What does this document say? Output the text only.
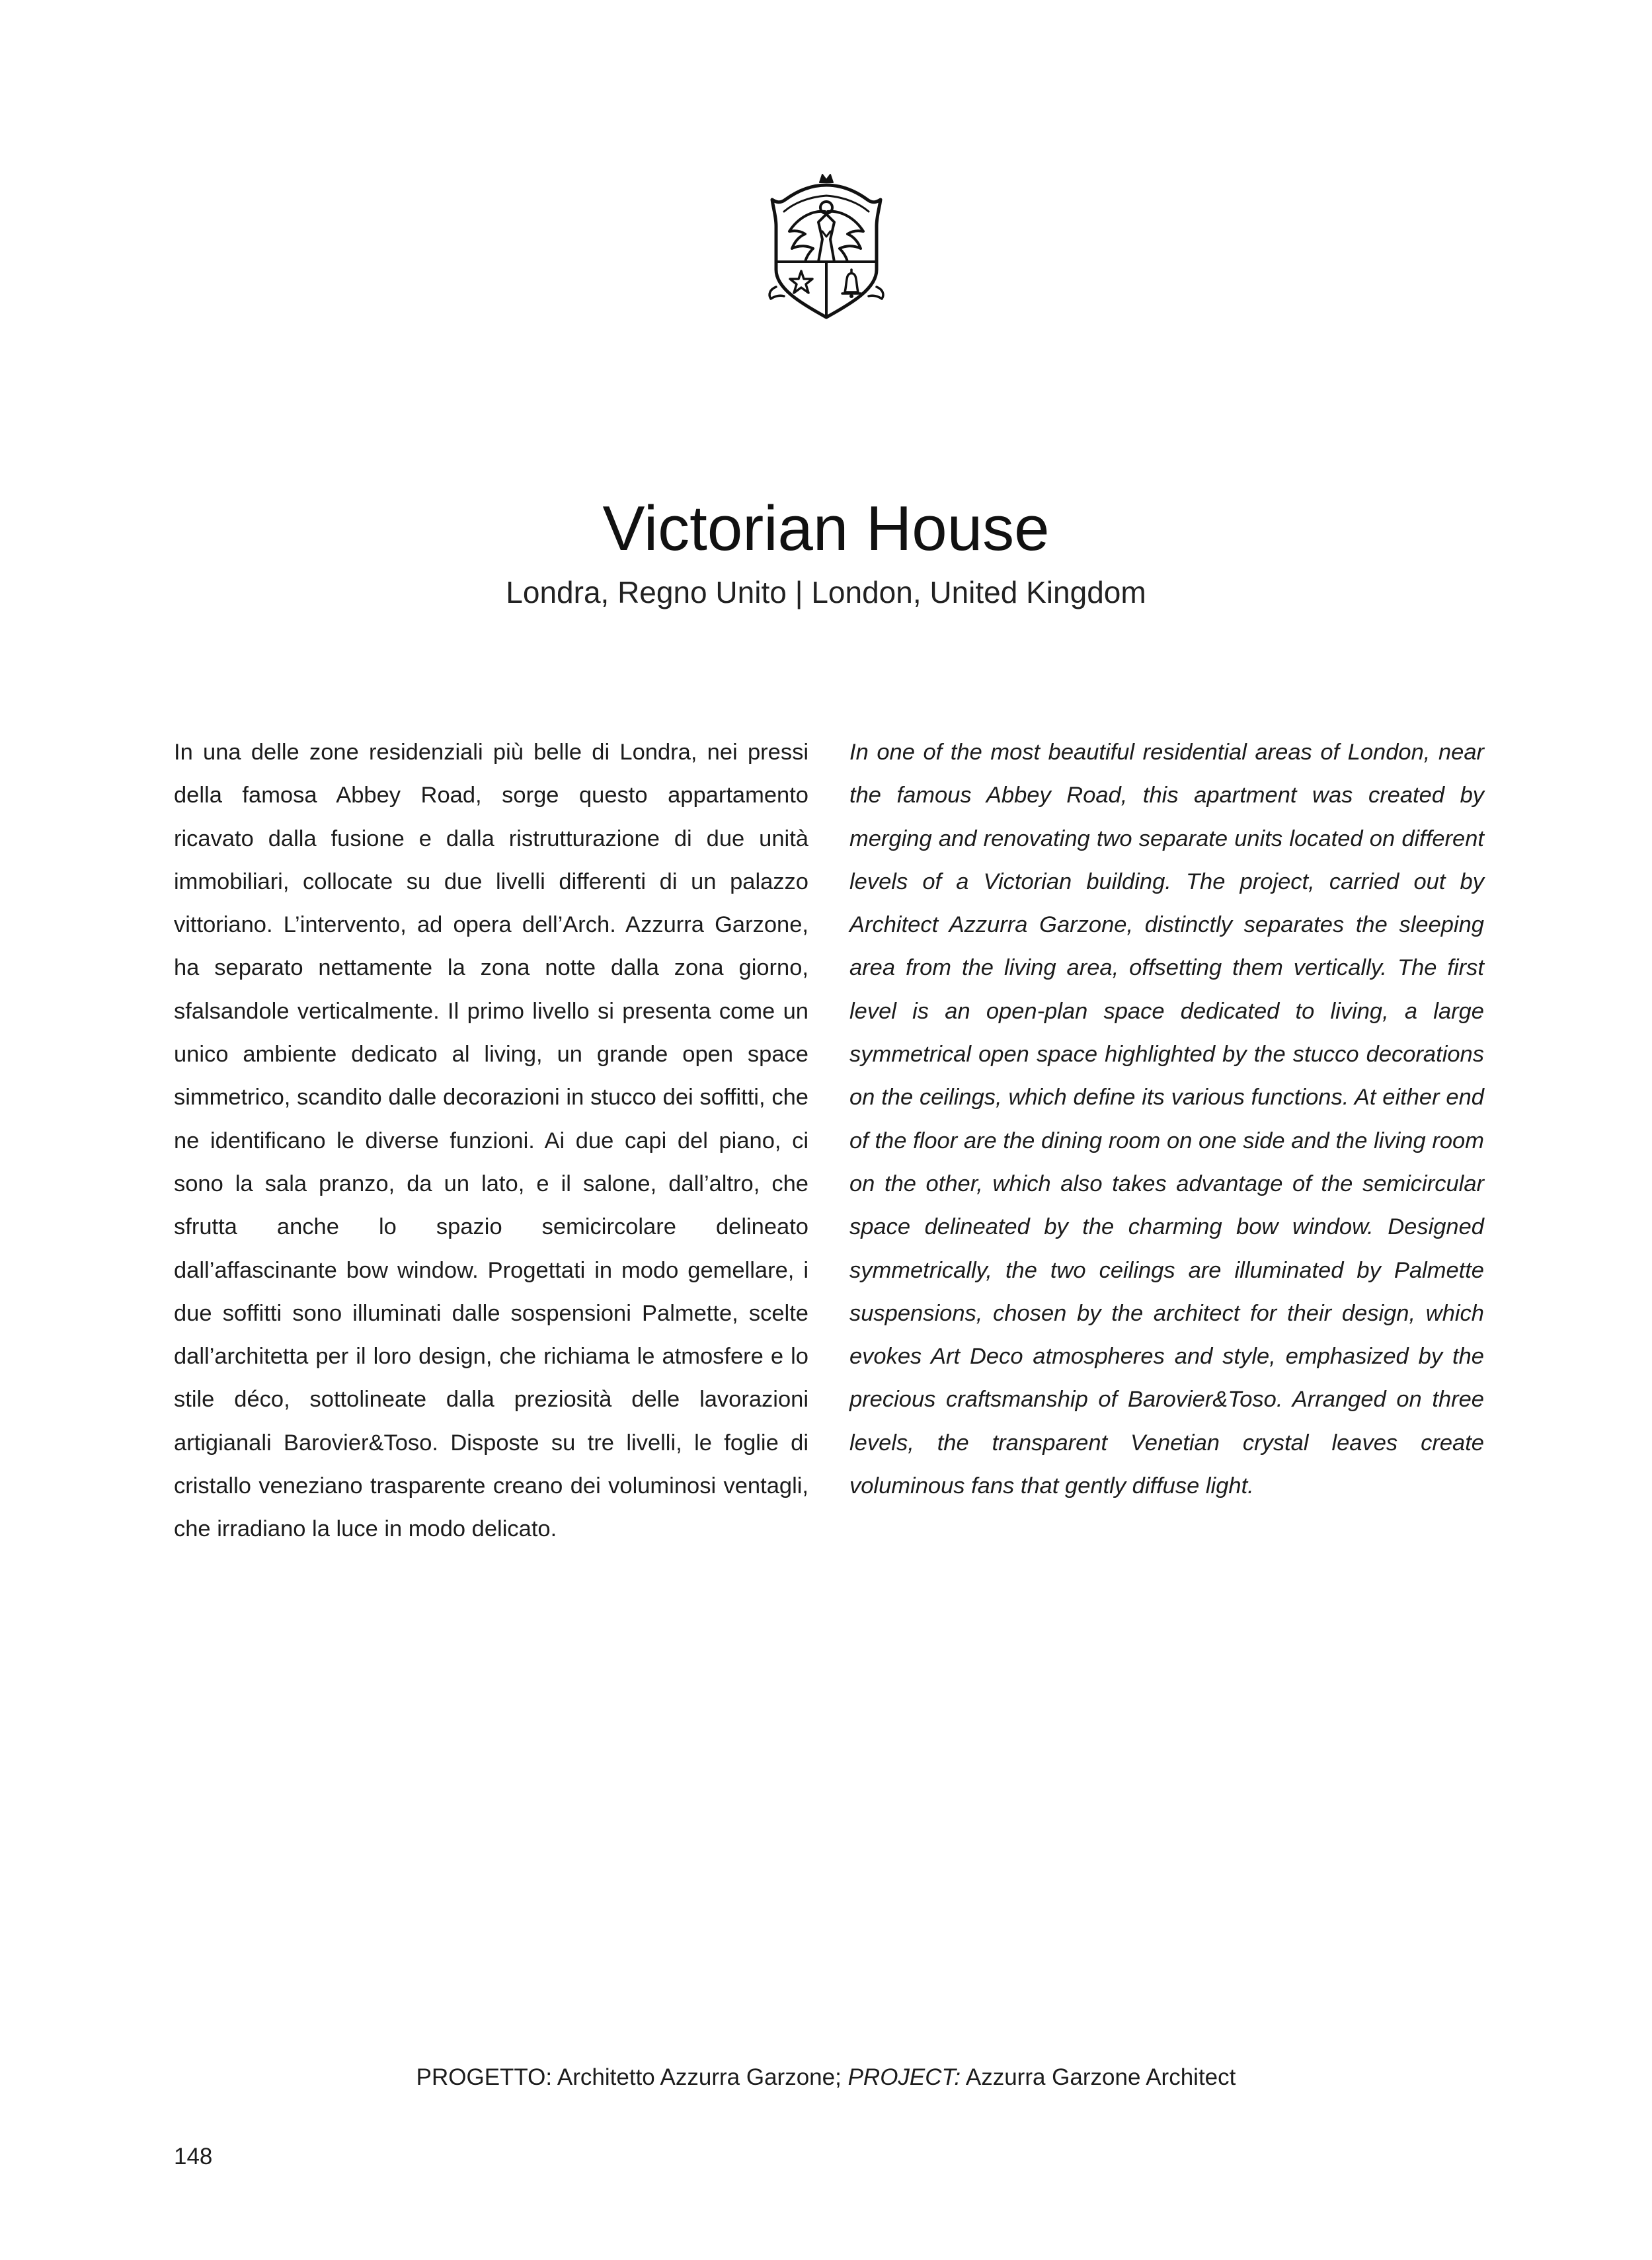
Victorian House
Londra, Regno Unito | London, United Kingdom

In una delle zone residenziali più belle di Londra, nei pressi della famosa Abbey Road, sorge questo appartamento ricavato dalla fusione e dalla ristrutturazione di due unità immobiliari, collocate su due livelli differenti di un palazzo vittoriano. L’intervento, ad opera dell’Arch. Azzurra Garzone, ha separato nettamente la zona notte dalla zona giorno, sfalsandole verticalmente. Il primo livello si presenta come un unico ambiente dedicato al living, un grande open space simmetrico, scandito dalle decorazioni in stucco dei soffitti, che ne identificano le diverse funzioni. Ai due capi del piano, ci sono la sala pranzo, da un lato, e il salone, dall’altro, che sfrutta anche lo spazio semicircolare delineato dall’affascinante bow window. Progettati in modo gemellare, i due soffitti sono illuminati dalle sospensioni Palmette, scelte dall’architetta per il loro design, che richiama le atmosfere e lo stile déco, sottolineate dalla preziosità delle lavorazioni artigianali Barovier&Toso. Disposte su tre livelli, le foglie di cristallo veneziano trasparente creano dei voluminosi ventagli, che irradiano la luce in modo delicato.

In one of the most beautiful residential areas of London, near the famous Abbey Road, this apartment was created by merging and renovating two separate units located on different levels of a Victorian building. The project, carried out by Architect Azzurra Garzone, distinctly separates the sleeping area from the living area, offsetting them vertically. The first level is an open-plan space dedicated to living, a large symmetrical open space highlighted by the stucco decorations on the ceilings, which define its various functions. At either end of the floor are the dining room on one side and the living room on the other, which also takes advantage of the semicircular space delineated by the charming bow window. Designed symmetrically, the two ceilings are illuminated by Palmette suspensions, chosen by the architect for their design, which evokes Art Deco atmospheres and style, emphasized by the precious craftsmanship of Barovier&Toso. Arranged on three levels, the transparent Venetian crystal leaves create voluminous fans that gently diffuse light.

PROGETTO: Architetto Azzurra Garzone; PROJECT: Azzurra Garzone Architect
148
